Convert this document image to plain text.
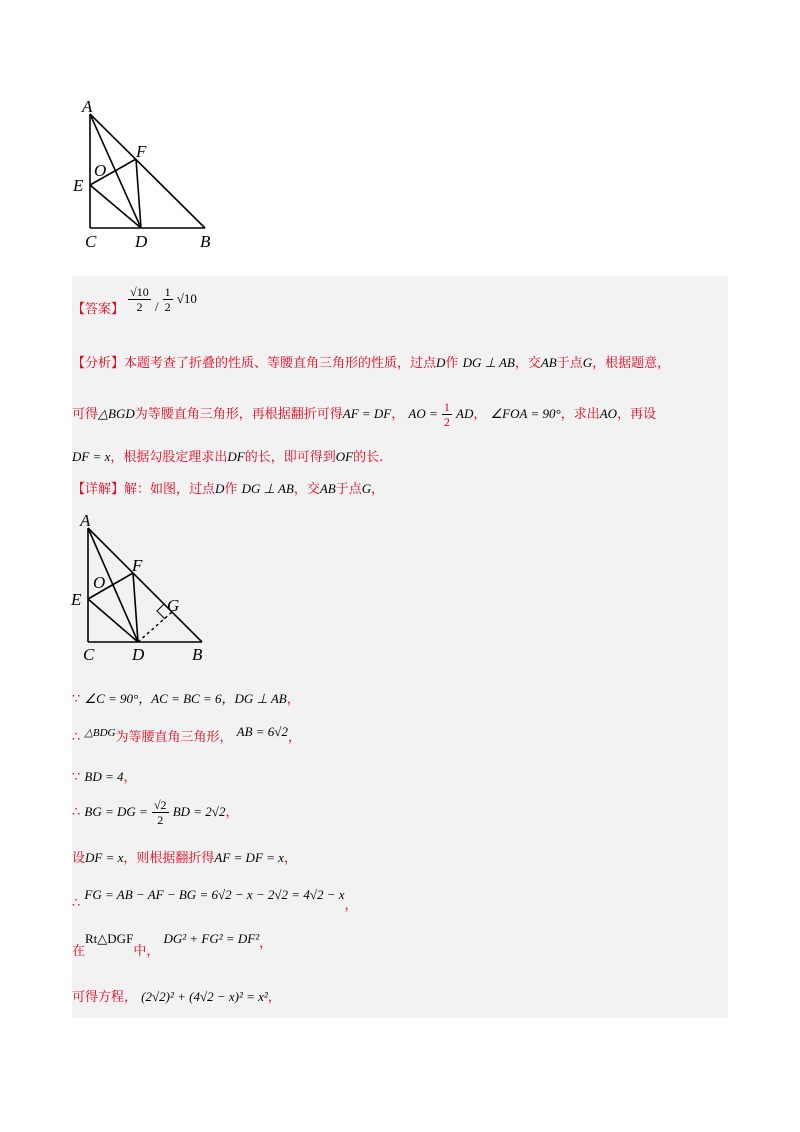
A
O
F
E
C D	B
【答案】 $\frac{√10}{2} / \frac{1}{2} √10$
【分析】本题考查了折叠的性质、等腰直角三角形的性质，过点D作 DG ⊥ AB，交AB于点G，根据题意，
可得△BGD为等腰直角三角形，再根据翻折可得AF = DF， AO = $\frac{1}{2}$ AD， ∠FOA = 90°，求出AO，再设
DF = x，根据勾股定理求出DF的长，即可得到OF的长.
【详解】解：如图，过点D作 DG ⊥ AB，交AB于点G，
A
O
F
G
E
C D	B
∵ ∠C = 90°，AC = BC = 6，DG ⊥ AB，
∴ $^{\triangle BDG}$为等腰直角三角形， AB = 6√2，
∵ BD = 4，
∴ BG = DG = $\frac{√2}{2}$ BD = 2√2，
设DF = x，则根据翻折得AF = DF = x，
∴ FG = AB − AF − BG = 6√2 − x − 2√2 = 4√2 − x，
在Rt△DGF中， DG² + FG² = DF²，
可得方程， (2√2)² + (4√2 − x)² = x²，
